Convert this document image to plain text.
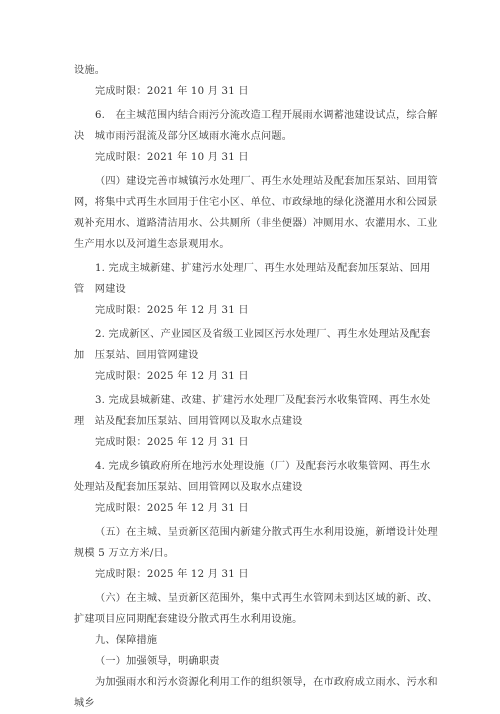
设施。

完成时限：2021 年 10 月 31 日

6.　在主城范围内结合雨污分流改造工程开展雨水调蓄池建设试点，综合解决　城市雨污混流及部分区域雨水淹水点问题。

完成时限：2021 年 10 月 31 日

（四）建设完善市城镇污水处理厂、再生水处理站及配套加压泵站、回用管　网，将集中式再生水回用于住宅小区、单位、市政绿地的绿化浇灌用水和公园景　观补充用水、道路清洁用水、公共厕所（非坐便器）冲厕用水、农灌用水、工业　生产用水以及河道生态景观用水。

1. 完成主城新建、扩建污水处理厂、再生水处理站及配套加压泵站、回用管　网建设

完成时限：2025 年 12 月 31 日

2. 完成新区、产业园区及省级工业园区污水处理厂、再生水处理站及配套加　压泵站、回用管网建设

完成时限：2025 年 12 月 31 日

3. 完成县城新建、改建、扩建污水处理厂及配套污水收集管网、再生水处理　站及配套加压泵站、回用管网以及取水点建设

完成时限：2025 年 12 月 31 日

4. 完成乡镇政府所在地污水处理设施（厂）及配套污水收集管网、再生水处理站及配套加压泵站、回用管网以及取水点建设

完成时限：2025 年 12 月 31 日

（五）在主城、呈贡新区范围内新建分散式再生水利用设施，新增设计处理　规模 5 万立方米/日。

完成时限：2025 年 12 月 31 日

（六）在主城、呈贡新区范围外，集中式再生水管网未到达区域的新、改、　扩建项目应同期配套建设分散式再生水利用设施。

九、保障措施

（一）加强领导，明确职责

为加强雨水和污水资源化利用工作的组织领导，在市政府成立雨水、污水和　城乡
